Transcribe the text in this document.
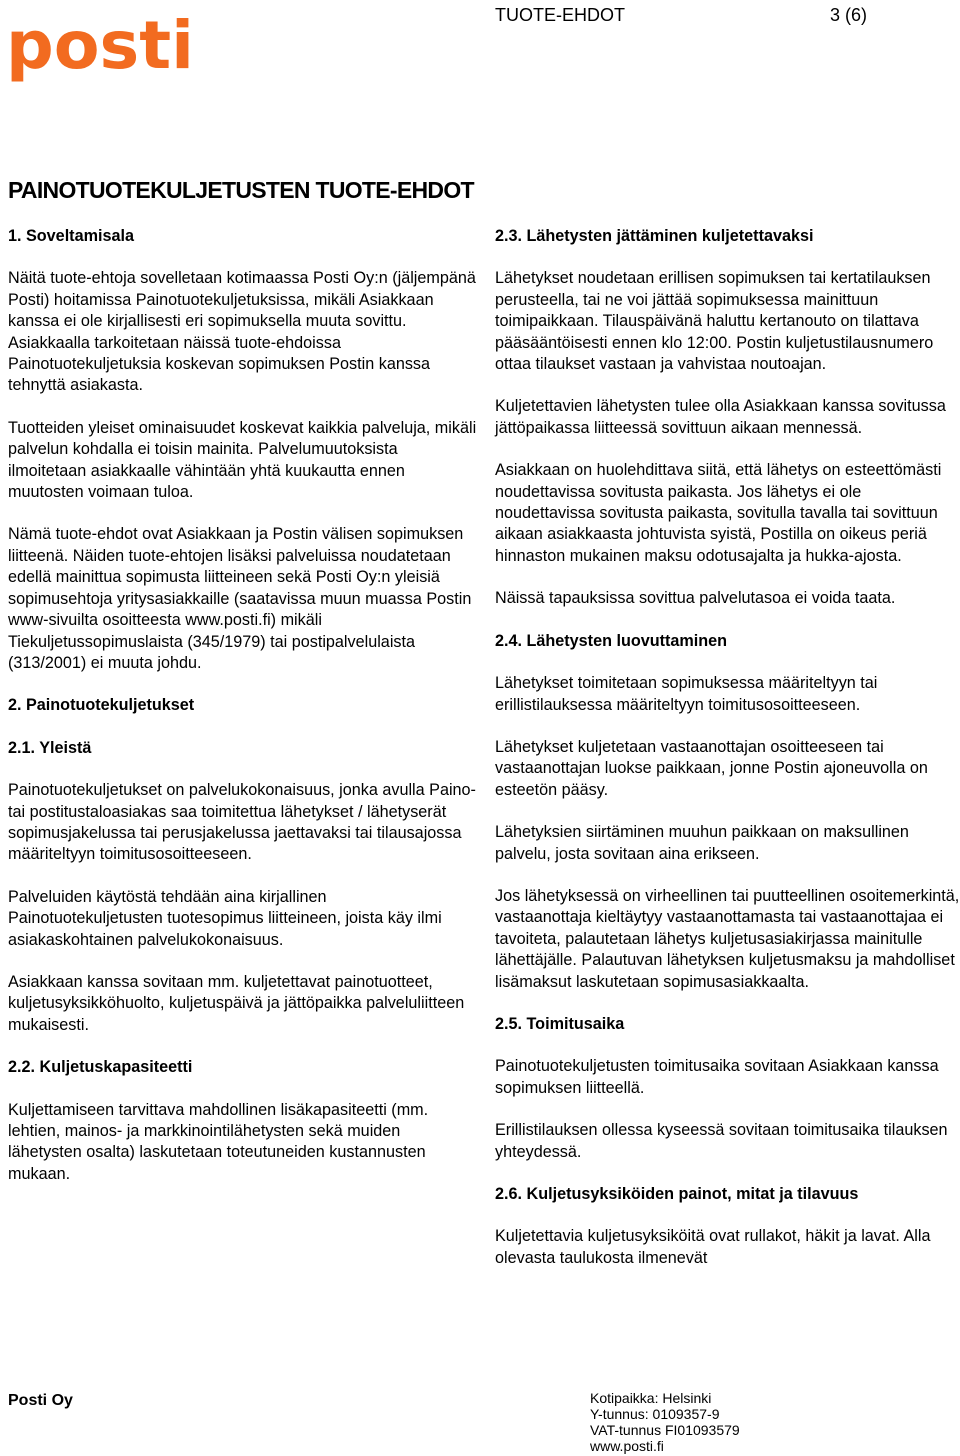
posti	TUOTE-EHDOT	3 (6)
PAINOTUOTEKULJETUSTEN TUOTE-EHDOT
1. Soveltamisala

Näitä tuote-ehtoja sovelletaan kotimaassa Posti Oy:n (jäljempänä Posti) hoitamissa Painotuotekuljetuksissa, mikäli Asiakkaan kanssa ei ole kirjallisesti eri sopimuksella muuta sovittu. Asiakkaalla tarkoitetaan näissä tuote-ehdoissa Painotuotekuljetuksia koskevan sopimuksen Postin kanssa tehnyttä asiakasta.

Tuotteiden yleiset ominaisuudet koskevat kaikkia palveluja, mikäli palvelun kohdalla ei toisin mainita. Palvelumuutoksista ilmoitetaan asiakkaalle vähintään yhtä kuukautta ennen muutosten voimaan tuloa.

Nämä tuote-ehdot ovat Asiakkaan ja Postin välisen sopimuksen liitteenä. Näiden tuote-ehtojen lisäksi palveluissa noudatetaan edellä mainittua sopimusta liitteineen sekä Posti Oy:n yleisiä sopimusehtoja yritysasiakkaille (saatavissa muun muassa Postin www-sivuilta osoitteesta www.posti.fi) mikäli Tiekuljetussopimuslaista (345/1979) tai postipalvelulaista (313/2001) ei muuta johdu.

2. Painotuotekuljetukset
2.1. Yleistä

Painotuotekuljetukset on palvelukokonaisuus, jonka avulla Paino- tai postitustaloasiakas saa toimitettua lähetykset / lähetyserät sopimusjakelussa tai perusjakelussa jaettavaksi tai tilausajossa määriteltyyn toimitusosoitteeseen.

Palveluiden käytöstä tehdään aina kirjallinen Painotuotekuljetusten tuotesopimus liitteineen, joista käy ilmi asiakaskohtainen palvelukokonaisuus.

Asiakkaan kanssa sovitaan mm. kuljetettavat painotuotteet, kuljetusyksikköhuolto, kuljetuspäivä ja jättöpaikka palveluliitteen mukaisesti.

2.2. Kuljetuskapasiteetti

Kuljettamiseen tarvittava mahdollinen lisäkapasiteetti (mm. lehtien, mainos- ja markkinointilähetysten sekä muiden lähetysten osalta) laskutetaan toteutuneiden kustannusten mukaan.

2.3. Lähetysten jättäminen kuljetettavaksi

Lähetykset noudetaan erillisen sopimuksen tai kertatilauksen perusteella, tai ne voi jättää sopimuksessa mainittuun toimipaikkaan. Tilauspäivänä haluttu kertanouto on tilattava pääsääntöisesti ennen klo 12:00. Postin kuljetustilausnumero ottaa tilaukset vastaan ja vahvistaa noutoajan.

Kuljetettavien lähetysten tulee olla Asiakkaan kanssa sovitussa jättöpaikassa liitteessä sovittuun aikaan mennessä.

Asiakkaan on huolehdittava siitä, että lähetys on esteettömästi noudettavissa sovitusta paikasta. Jos lähetys ei ole noudettavissa sovitusta paikasta, sovitulla tavalla tai sovittuun aikaan asiakkaasta johtuvista syistä, Postilla on oikeus periä hinnaston mukainen maksu odotusajalta ja hukka-ajosta.

Näissä tapauksissa sovittua palvelutasoa ei voida taata.

2.4. Lähetysten luovuttaminen

Lähetykset toimitetaan sopimuksessa määriteltyyn tai erillistilauksessa määriteltyyn toimitusosoitteeseen.

Lähetykset kuljetetaan vastaanottajan osoitteeseen tai vastaanottajan luokse paikkaan, jonne Postin ajoneuvolla on esteetön pääsy.

Lähetyksien siirtäminen muuhun paikkaan on maksullinen palvelu, josta sovitaan aina erikseen.

Jos lähetyksessä on virheellinen tai puutteellinen osoitemerkintä, vastaanottaja kieltäytyy vastaanottamasta tai vastaanottajaa ei tavoiteta, palautetaan lähetys kuljetusasiakirjassa mainitulle lähettäjälle. Palautuvan lähetyksen kuljetusmaksu ja mahdolliset lisämaksut laskutetaan sopimusasiakkaalta.

2.5. Toimitusaika

Painotuotekuljetusten toimitusaika sovitaan Asiakkaan kanssa sopimuksen liitteellä.

Erillistilauksen ollessa kyseessä sovitaan toimitusaika tilauksen yhteydessä.

2.6. Kuljetusyksiköiden painot, mitat ja tilavuus

Kuljetettavia kuljetusyksiköitä ovat rullakot, häkit ja lavat. Alla olevasta taulukosta ilmenevät

Posti Oy	Kotipaikka: Helsinki
Y-tunnus: 0109357-9
VAT-tunnus FI01093579
www.posti.fi
